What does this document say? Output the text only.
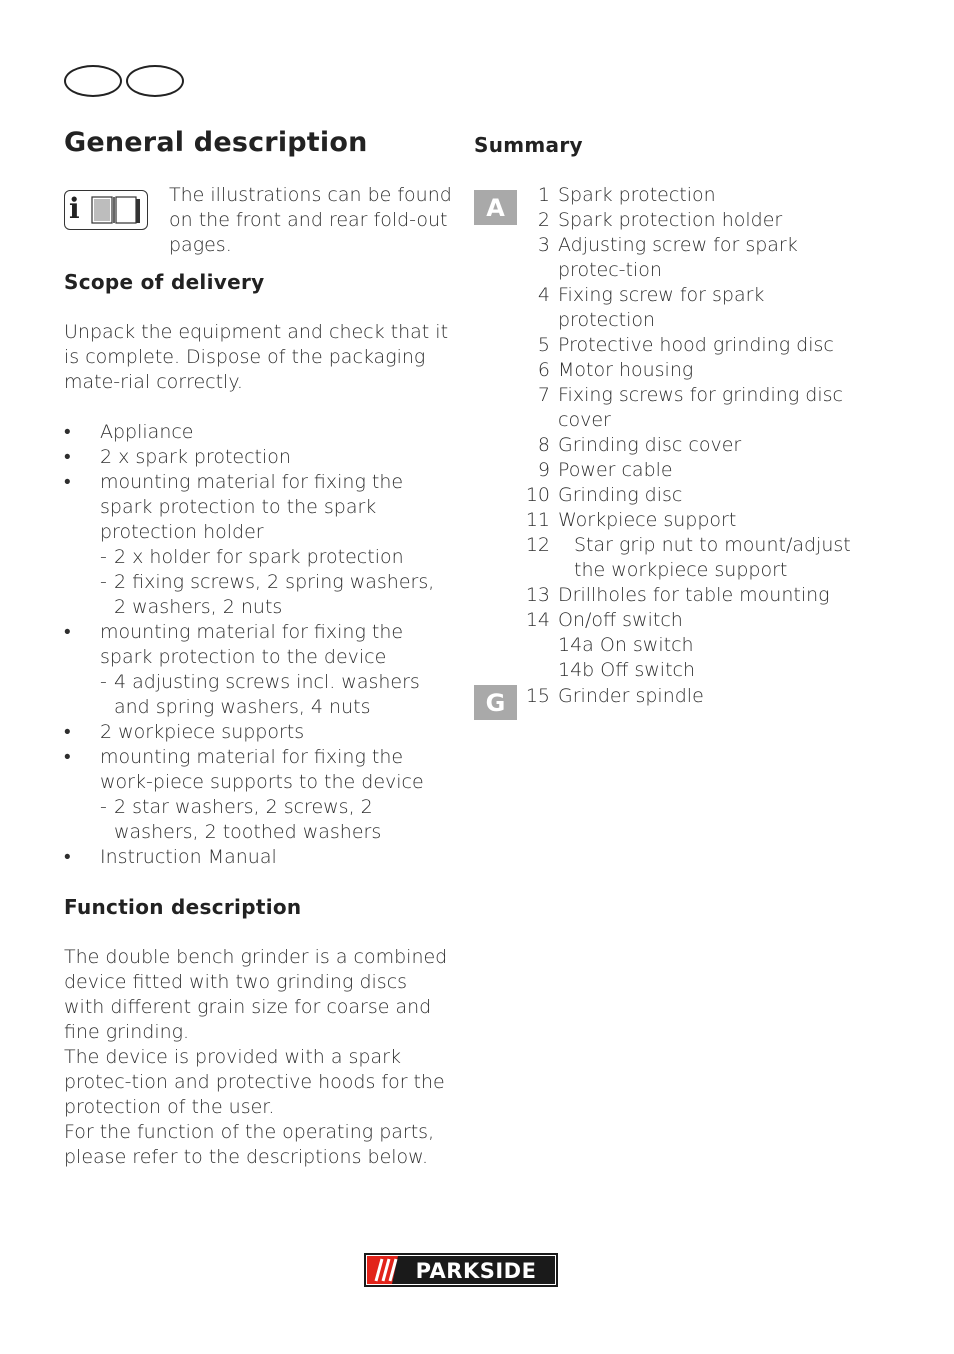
General description
i	The illustrations can be found on the front and rear fold-out pages.

Scope of delivery

Unpack the equipment and check that it is complete. Dispose of the packaging mate-rial correctly.

• Appliance
• 2 x spark protection
• mounting material for fixing the spark protection to the spark protection holder
- 2 x holder for spark protection
- 2 fixing screws, 2 spring washers, 2 washers, 2 nuts
• mounting material for fixing the spark protection to the device
- 4 adjusting screws incl. washers and spring washers, 4 nuts
• 2 workpiece supports
• mounting material for fixing the work-piece supports to the device
- 2 star washers, 2 screws, 2 washers, 2 toothed washers
• Instruction Manual
Function description

The double bench grinder is a combined device fitted with two grinding discs with different grain size for coarse and fine grinding.

The device is provided with a spark protec-tion and protective hoods for the protection of the user.

For the function of the operating parts, please refer to the descriptions below.

Summary
A	1 Spark protection
2 Spark protection holder
3 Adjusting screw for spark protec-tion
4 Fixing screw for spark protection
5 Protective hood grinding disc
6 Motor housing
7 Fixing screws for grinding disc cover
8 Grinding disc cover
9 Power cable
10 Grinding disc
11 Workpiece support
12	Star grip nut to mount/adjust the workpiece support
13 Drillholes for table mounting
14 On/off switch
14a On switch
14b Off switch
G	15 Grinder spindle
PARKSIDE
